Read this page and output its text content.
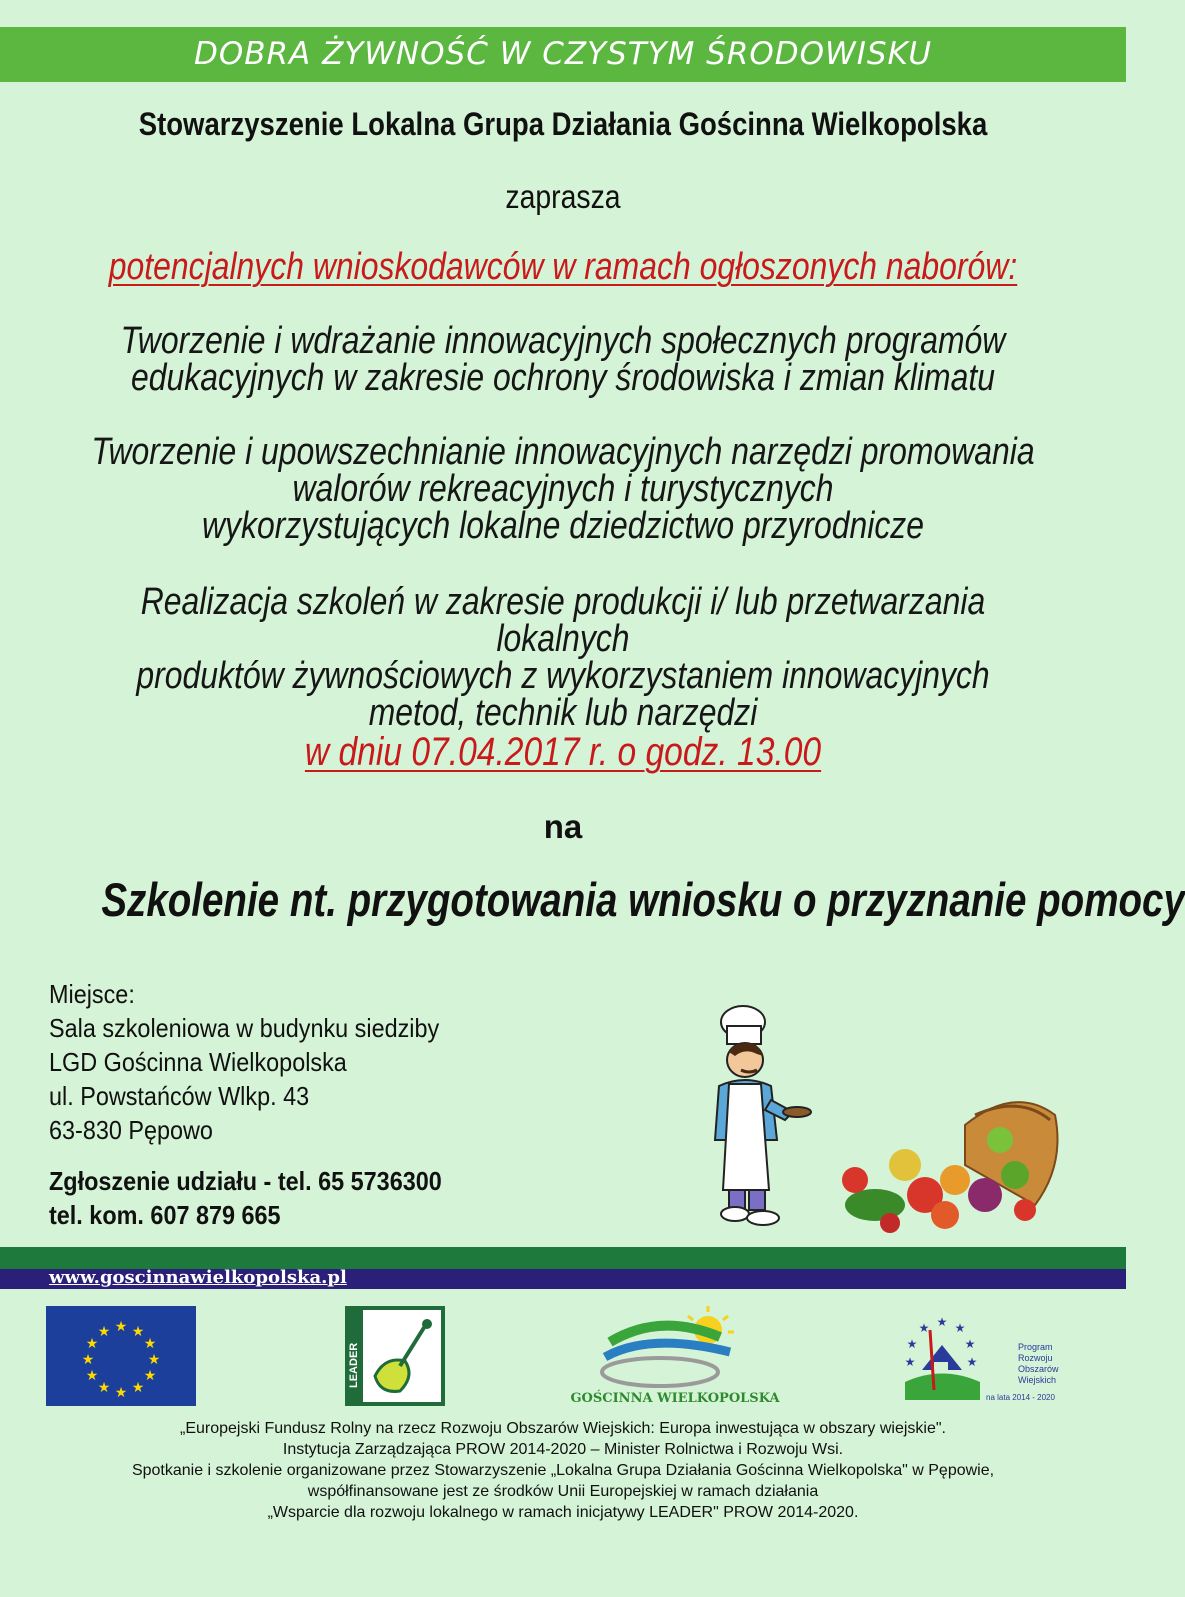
DOBRA ŻYWNOŚĆ W CZYSTYM ŚRODOWISKU
Stowarzyszenie Lokalna Grupa Działania Gościnna Wielkopolska
zaprasza
potencjalnych wnioskodawców w ramach ogłoszonych naborów:
Tworzenie i wdrażanie innowacyjnych społecznych programów
edukacyjnych w zakresie ochrony środowiska i zmian klimatu
Tworzenie i upowszechnianie innowacyjnych narzędzi promowania
walorów rekreacyjnych i turystycznych
wykorzystujących lokalne dziedzictwo przyrodnicze
Realizacja szkoleń w zakresie produkcji i/ lub przetwarzania lokalnych
produktów żywnościowych z wykorzystaniem innowacyjnych
metod, technik lub narzędzi
w dniu 07.04.2017 r. o godz. 13.00
na
Szkolenie nt. przygotowania wniosku o przyznanie pomocy
Miejsce:
Sala szkoleniowa w budynku siedziby
LGD Gościnna Wielkopolska
ul. Powstańców Wlkp. 43
63-830 Pępowo
Zgłoszenie udziału - tel. 65 5736300
tel. kom. 607 879 665
www.goscinnawielkopolska.pl
★ ★
★
★
★
★
★
★
★
★
★
★
LEADER
GOŚCINNA WIELKOPOLSKA
★ ★
★
★
★
★
★
Program
Rozwoju
Obszarów
Wiejskich
na lata 2014 - 2020
„Europejski Fundusz Rolny na rzecz Rozwoju Obszarów Wiejskich: Europa inwestująca w obszary wiejskie".
Instytucja Zarządzająca PROW 2014-2020 – Minister Rolnictwa i Rozwoju Wsi.
Spotkanie i szkolenie organizowane przez Stowarzyszenie „Lokalna Grupa Działania Gościnna Wielkopolska" w Pępowie,
współfinansowane jest ze środków Unii Europejskiej w ramach działania
„Wsparcie dla rozwoju lokalnego w ramach inicjatywy LEADER" PROW 2014-2020.
